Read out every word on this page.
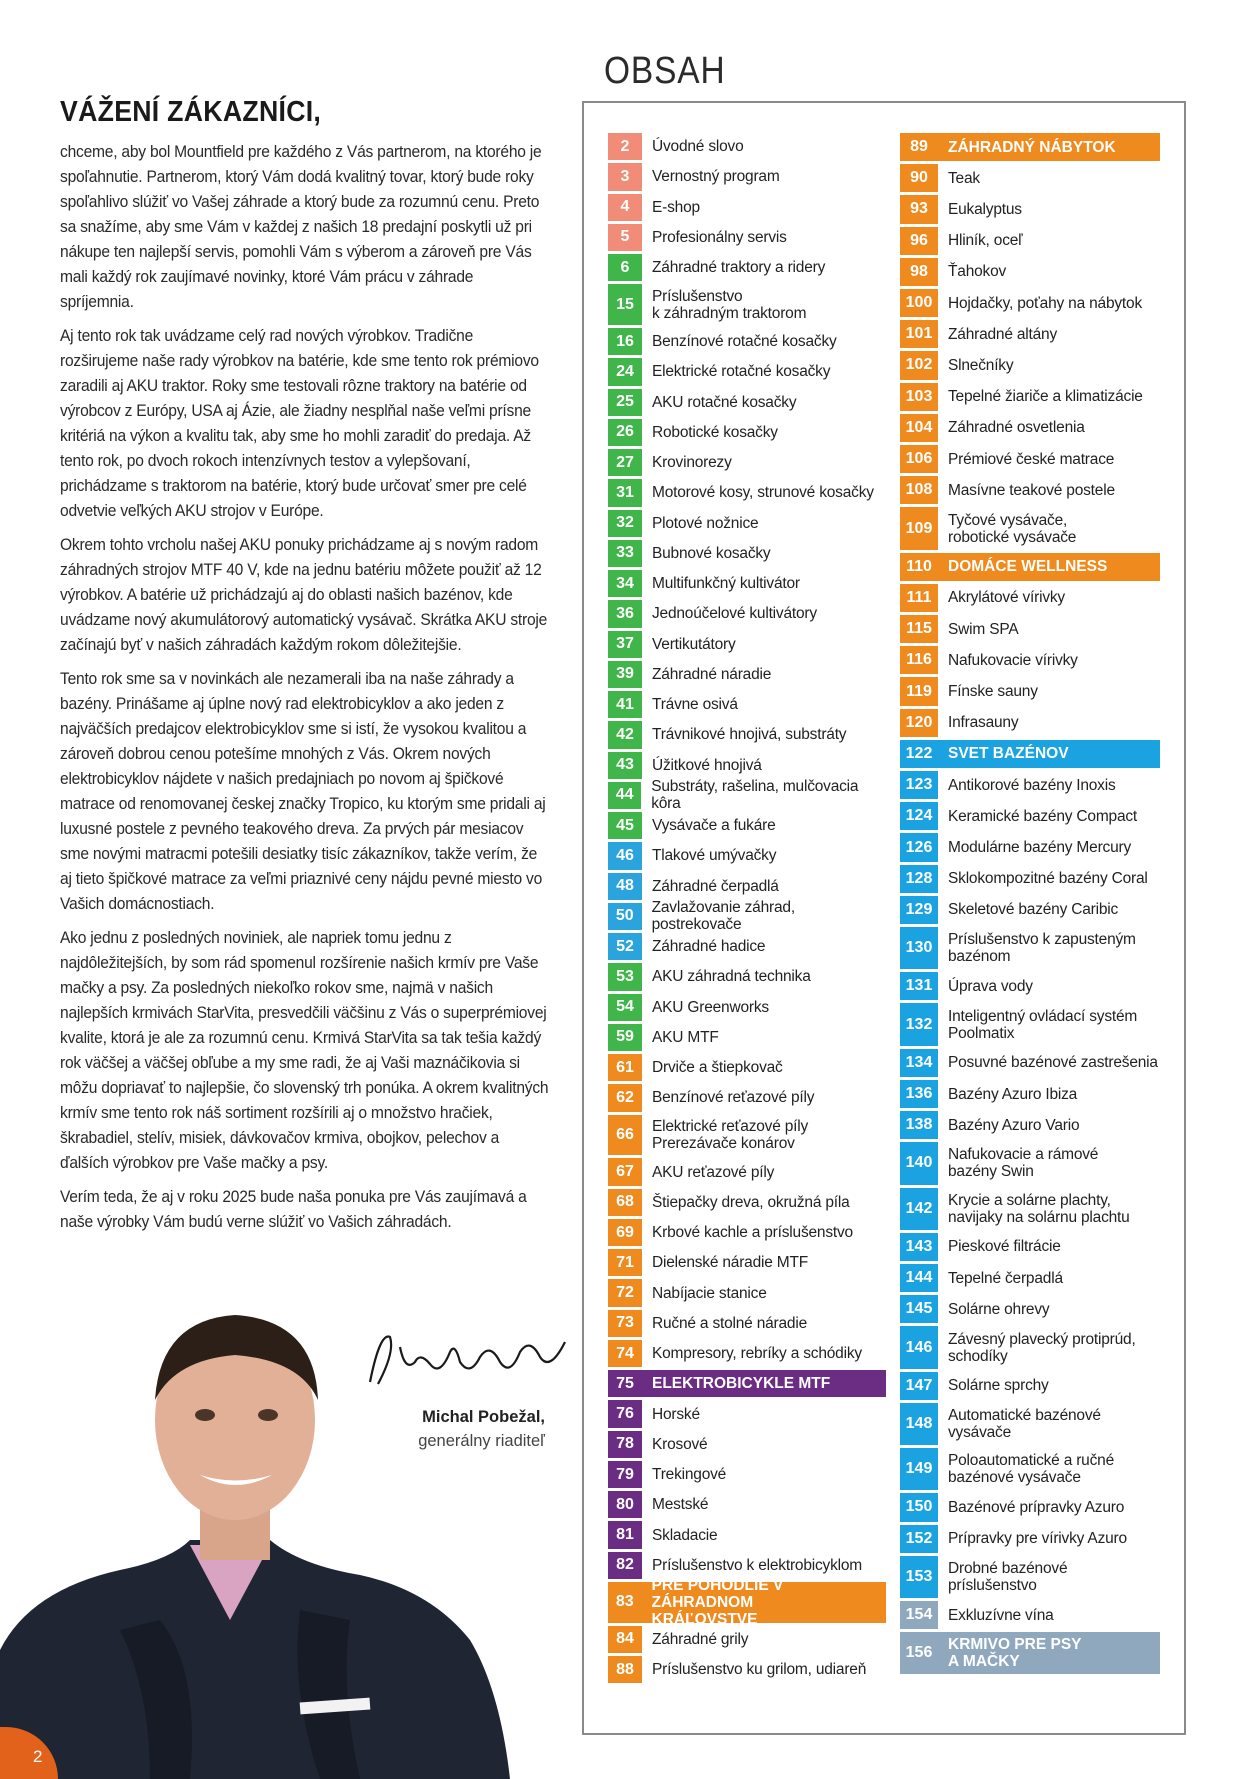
VÁŽENÍ ZÁKAZNÍCI,

chceme, aby bol Mountfield pre každého z Vás partnerom, na ktorého je spoľahnutie. Partnerom, ktorý Vám dodá kvalitný tovar, ktorý bude roky spoľahlivo slúžiť vo Vašej záhrade a ktorý bude za rozumnú cenu. Preto sa snažíme, aby sme Vám v každej z našich 18 predajní poskytli už pri nákupe ten najlepší servis, pomohli Vám s výberom a zároveň pre Vás mali každý rok zaujímavé novinky, ktoré Vám prácu v záhrade spríjemnia.

Aj tento rok tak uvádzame celý rad nových výrobkov. Tradične rozširujeme naše rady výrobkov na batérie, kde sme tento rok prémiovo zaradili aj AKU traktor. Roky sme testovali rôzne traktory na batérie od výrobcov z Európy, USA aj Ázie, ale žiadny nesplňal naše veľmi prísne kritériá na výkon a kvalitu tak, aby sme ho mohli zaradiť do predaja. Až tento rok, po dvoch rokoch intenzívnych testov a vylepšovaní, prichádzame s traktorom na batérie, ktorý bude určovať smer pre celé odvetvie veľkých AKU strojov v Európe.

Okrem tohto vrcholu našej AKU ponuky prichádzame aj s novým radom záhradných strojov MTF 40 V, kde na jednu batériu môžete použiť až 12 výrobkov. A batérie už prichádzajú aj do oblasti našich bazénov, kde uvádzame nový akumulátorový automatický vysávač. Skrátka AKU stroje začínajú byť v našich záhradách každým rokom dôležitejšie.

Tento rok sme sa v novinkách ale nezamerali iba na naše záhrady a bazény. Prinášame aj úplne nový rad elektrobicyklov a ako jeden z najväčších predajcov elektrobicyklov sme si istí, že vysokou kvalitou a zároveň dobrou cenou potešíme mnohých z Vás. Okrem nových elektrobicyklov nájdete v našich predajniach po novom aj špičkové matrace od renomovanej českej značky Tropico, ku ktorým sme pridali aj luxusné postele z pevného teakového dreva. Za prvých pár mesiacov sme novými matracmi potešili desiatky tisíc zákazníkov, takže verím, že aj tieto špičkové matrace za veľmi priaznivé ceny nájdu pevné miesto vo Vašich domácnostiach.

Ako jednu z posledných noviniek, ale napriek tomu jednu z najdôležitejších, by som rád spomenul rozšírenie našich krmív pre Vaše mačky a psy. Za posledných niekoľko rokov sme, najmä v našich najlepších krmivách StarVita, presvedčili väčšinu z Vás o superprémiovej kvalite, ktorá je ale za rozumnú cenu. Krmivá StarVita sa tak tešia každý rok väčšej a väčšej obľube a my sme radi, že aj Vaši maznáčikovia si môžu dopriavať to najlepšie, čo slovenský trh ponúka. A okrem kvalitných krmív sme tento rok náš sortiment rozšírili aj o množstvo hračiek, škrabadiel, stelív, misiek, dávkovačov krmiva, obojkov, pelechov a ďalších výrobkov pre Vaše mačky a psy.

Verím teda, že aj v roku 2025 bude naša ponuka pre Vás zaujímavá a naše výrobky Vám budú verne slúžiť vo Vašich záhradách.

Michal Pobežal,
generálny riaditeľ
2
OBSAH
2	Úvodné slovo
3	Vernostný program
4	E-shop
5	Profesionálny servis
6	Záhradné traktory a ridery
15	Príslušenstvo
k záhradným traktorom
16	Benzínové rotačné kosačky
24	Elektrické rotačné kosačky
25	AKU rotačné kosačky
26	Robotické kosačky
27	Krovinorezy
31	Motorové kosy, strunové kosačky
32	Plotové nožnice
33	Bubnové kosačky
34	Multifunkčný kultivátor
36	Jednoúčelové kultivátory
37	Vertikutátory
39	Záhradné náradie
41	Trávne osivá
42	Trávnikové hnojivá, substráty
43	Úžitkové hnojivá
44	Substráty, rašelina, mulčovacia kôra
45	Vysávače a fukáre
46	Tlakové umývačky
48	Záhradné čerpadlá
50	Zavlažovanie záhrad, postrekovače
52	Záhradné hadice
53	AKU záhradná technika
54	AKU Greenworks
59	AKU MTF
61	Drviče a štiepkovač
62	Benzínové reťazové píly
66	Elektrické reťazové píly
Prerezávače konárov
67	AKU reťazové píly
68	Štiepačky dreva, okružná píla
69	Krbové kachle a príslušenstvo
71	Dielenské náradie MTF
72	Nabíjacie stanice
73	Ručné a stolné náradie
74	Kompresory, rebríky a schódiky
75	ELEKTROBICYKLE MTF
76	Horské
78	Krosové
79	Trekingové
80	Mestské
81	Skladacie
82	Príslušenstvo k elektrobicyklom
83
PRE POHODLIE V ZÁHRADNOM
KRÁĽOVSTVE
84	Záhradné grily
88	Príslušenstvo ku grilom, udiareň
89	ZÁHRADNÝ NÁBYTOK
90	Teak
93	Eukalyptus
96	Hliník, oceľ
98	Ťahokov
100	Hojdačky, poťahy na nábytok
101	Záhradné altány
102	Slnečníky
103	Tepelné žiariče a klimatizácie
104	Záhradné osvetlenia
106	Prémiové české matrace
108	Masívne teakové postele
109	Tyčové vysávače,
robotické vysávače
110	DOMÁCE WELLNESS
111	Akrylátové vírivky
115	Swim SPA
116	Nafukovacie vírivky
119	Fínske sauny
120	Infrasauny
122	SVET BAZÉNOV
123	Antikorové bazény Inoxis
124	Keramické bazény Compact
126	Modulárne bazény Mercury
128	Sklokompozitné bazény Coral
129	Skeletové bazény Caribic
130	Príslušenstvo k zapusteným
bazénom
131	Úprava vody
132	Inteligentný ovládací systém
Poolmatix
134	Posuvné bazénové zastrešenia
136	Bazény Azuro Ibiza
138	Bazény Azuro Vario
140	Nafukovacie a rámové
bazény Swin
142	Krycie a solárne plachty,
navijaky na solárnu plachtu
143	Pieskové filtrácie
144	Tepelné čerpadlá
145	Solárne ohrevy
146	Závesný plavecký protiprúd,
schodíky
147	Solárne sprchy
148	Automatické bazénové
vysávače
149	Poloautomatické a ručné
bazénové vysávače
150	Bazénové prípravky Azuro
152	Prípravky pre vírivky Azuro
153	Drobné bazénové
príslušenstvo
154	Exkluzívne vína
156	KRMIVO PRE PSY
A MAČKY
